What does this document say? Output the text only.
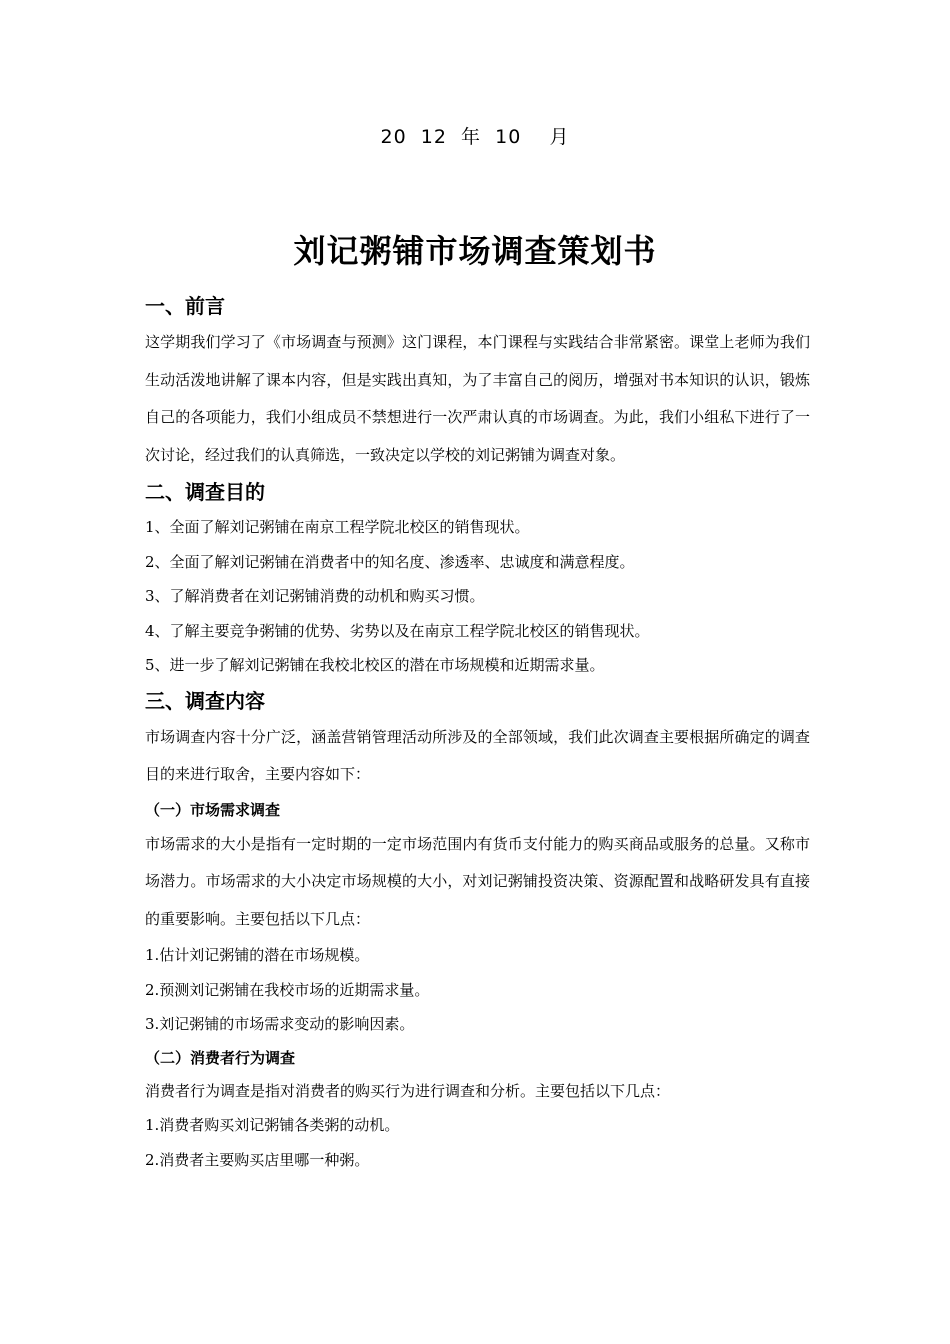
20  12  年  10    月
刘记粥铺市场调查策划书
一、前言
这学期我们学习了《市场调查与预测》这门课程，本门课程与实践结合非常紧密。课堂上老师为我们生动活泼地讲解了课本内容，但是实践出真知，为了丰富自己的阅历，增强对书本知识的认识，锻炼自己的各项能力，我们小组成员不禁想进行一次严肃认真的市场调查。为此，我们小组私下进行了一次讨论，经过我们的认真筛选，一致决定以学校的刘记粥铺为调查对象。
二、调查目的
1、全面了解刘记粥铺在南京工程学院北校区的销售现状。
2、全面了解刘记粥铺在消费者中的知名度、渗透率、忠诚度和满意程度。
3、了解消费者在刘记粥铺消费的动机和购买习惯。
4、了解主要竞争粥铺的优势、劣势以及在南京工程学院北校区的销售现状。
5、进一步了解刘记粥铺在我校北校区的潜在市场规模和近期需求量。
三、调查内容
市场调查内容十分广泛，涵盖营销管理活动所涉及的全部领域，我们此次调查主要根据所确定的调查目的来进行取舍，主要内容如下：
（一）市场需求调查
市场需求的大小是指有一定时期的一定市场范围内有货币支付能力的购买商品或服务的总量。又称市场潜力。市场需求的大小决定市场规模的大小，对刘记粥铺投资决策、资源配置和战略研发具有直接的重要影响。主要包括以下几点：
1.估计刘记粥铺的潜在市场规模。
2.预测刘记粥铺在我校市场的近期需求量。
3.刘记粥铺的市场需求变动的影响因素。
（二）消费者行为调查
消费者行为调查是指对消费者的购买行为进行调查和分析。主要包括以下几点：
1.消费者购买刘记粥铺各类粥的动机。
2.消费者主要购买店里哪一种粥。
